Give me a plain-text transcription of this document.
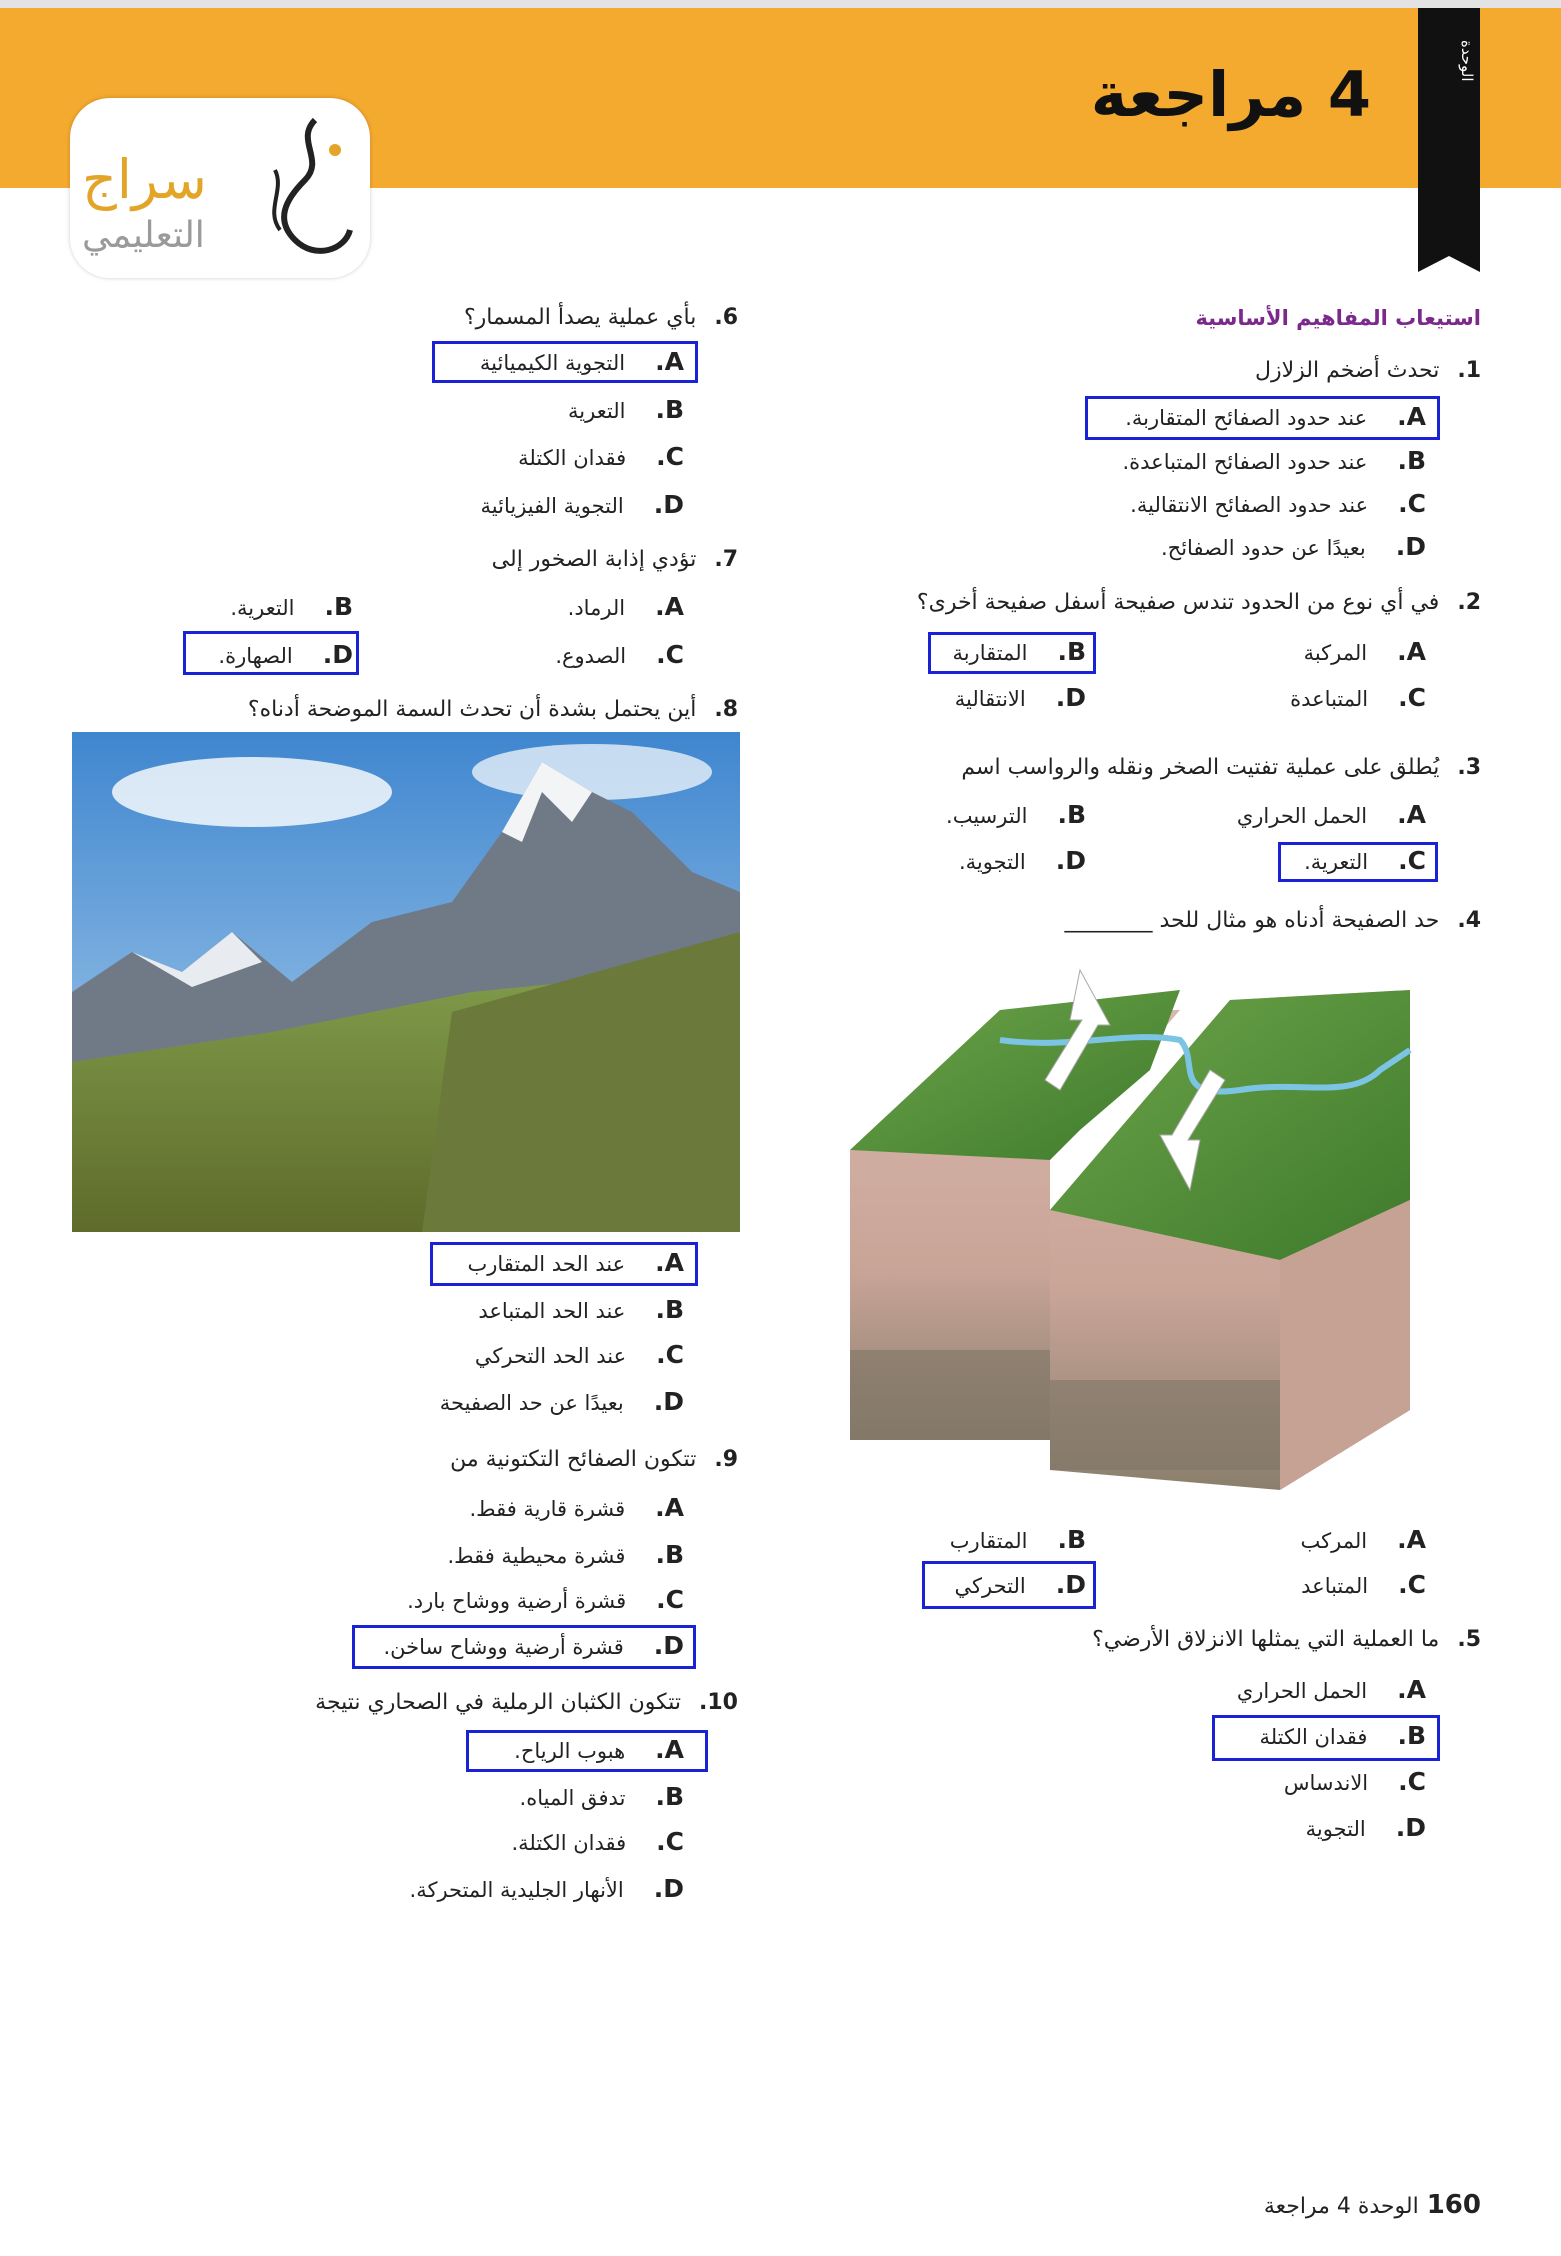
4 مراجعة	الوحدة
سراج
التعليمي
استيعاب المفاهيم الأساسية
1.تحدث أضخم الزلازل
A.عند حدود الصفائح المتقاربة.
B.عند حدود الصفائح المتباعدة.
C.عند حدود الصفائح الانتقالية.
D.بعيدًا عن حدود الصفائح.
2.في أي نوع من الحدود تندس صفيحة أسفل صفيحة أخرى؟
A.المركبة
B.المتقاربة
C.المتباعدة
D.الانتقالية
3.يُطلق على عملية تفتيت الصخر ونقله والرواسب اسم
A.الحمل الحراري
B.الترسيب.
C.التعرية.
D.التجوية.
4.حد الصفيحة أدناه هو مثال للحد ________
A.المركب
B.المتقارب
C.المتباعد
D.التحركي
5.ما العملية التي يمثلها الانزلاق الأرضي؟
A.الحمل الحراري
B.فقدان الكتلة
C.الاندساس
D.التجوية
6.بأي عملية يصدأ المسمار؟
A.التجوية الكيميائية
B.التعرية
C.فقدان الكتلة
D.التجوية الفيزيائية
7.تؤدي إذابة الصخور إلى
A.الرماد.
B.التعرية.
C.الصدوع.
D.الصهارة.
8.أين يحتمل بشدة أن تحدث السمة الموضحة أدناه؟
A.عند الحد المتقارب
B.عند الحد المتباعد
C.عند الحد التحركي
D.بعيدًا عن حد الصفيحة
9.تتكون الصفائح التكتونية من
A.قشرة قارية فقط.
B.قشرة محيطية فقط.
C.قشرة أرضية ووشاح بارد.
D.قشرة أرضية ووشاح ساخن.
10.تتكون الكثبان الرملية في الصحاري نتيجة
A.هبوب الرياح.
B.تدفق المياه.
C.فقدان الكتلة.
D.الأنهار الجليدية المتحركة.
160الوحدة 4 مراجعة
